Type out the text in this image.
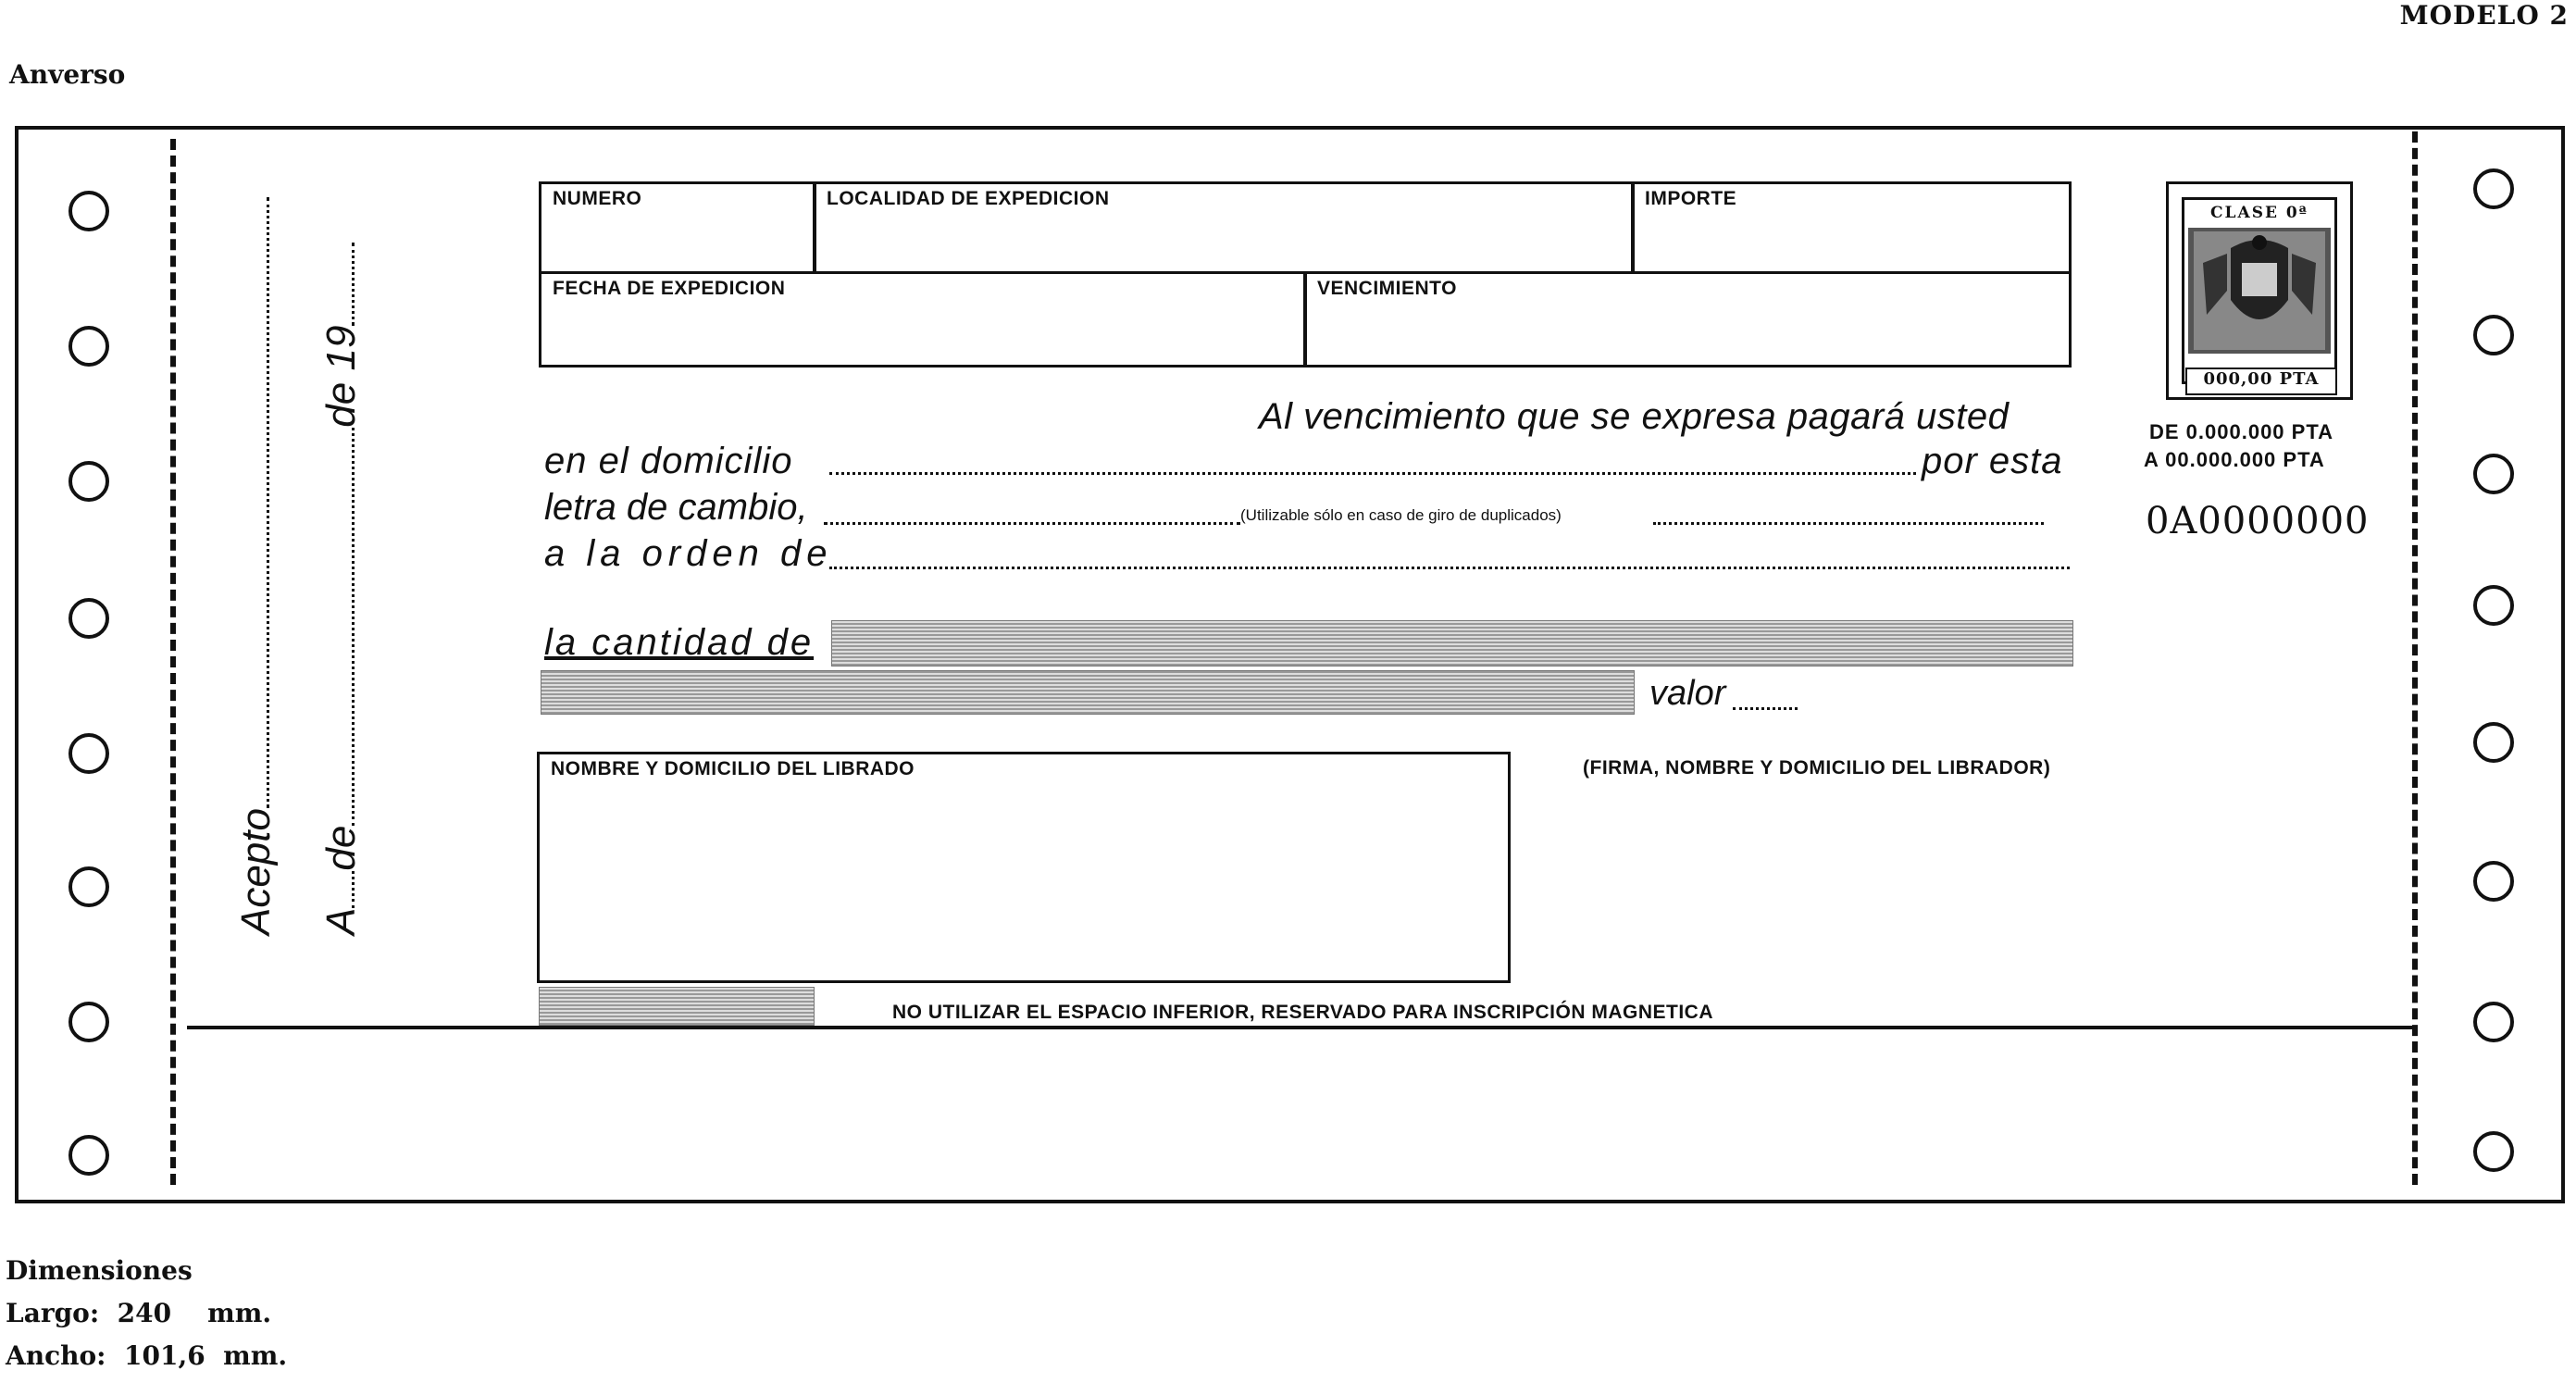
MODELO 2
Anverso
Acepto Adede 19
NUMERO	LOCALIDAD DE EXPEDICION	IMPORTE
FECHA DE EXPEDICION	VENCIMIENTO
Al vencimiento que se expresa pagará usted
en el domicilio	por esta
letra de cambio,	(Utilizable sólo en caso de giro de duplicados)
a la orden de
la cantidad de
valor
NOMBRE Y DOMICILIO DEL LIBRADO	(FIRMA, NOMBRE Y DOMICILIO DEL LIBRADOR)
NO UTILIZAR EL ESPACIO INFERIOR, RESERVADO PARA INSCRIPCIÓN MAGNETICA
CLASE 0ª
000,00 PTA
DE 0.000.000 PTA
A 00.000.000 PTA
0A0000000
Dimensiones
Largo:  240    mm.
Ancho:  101,6  mm.
